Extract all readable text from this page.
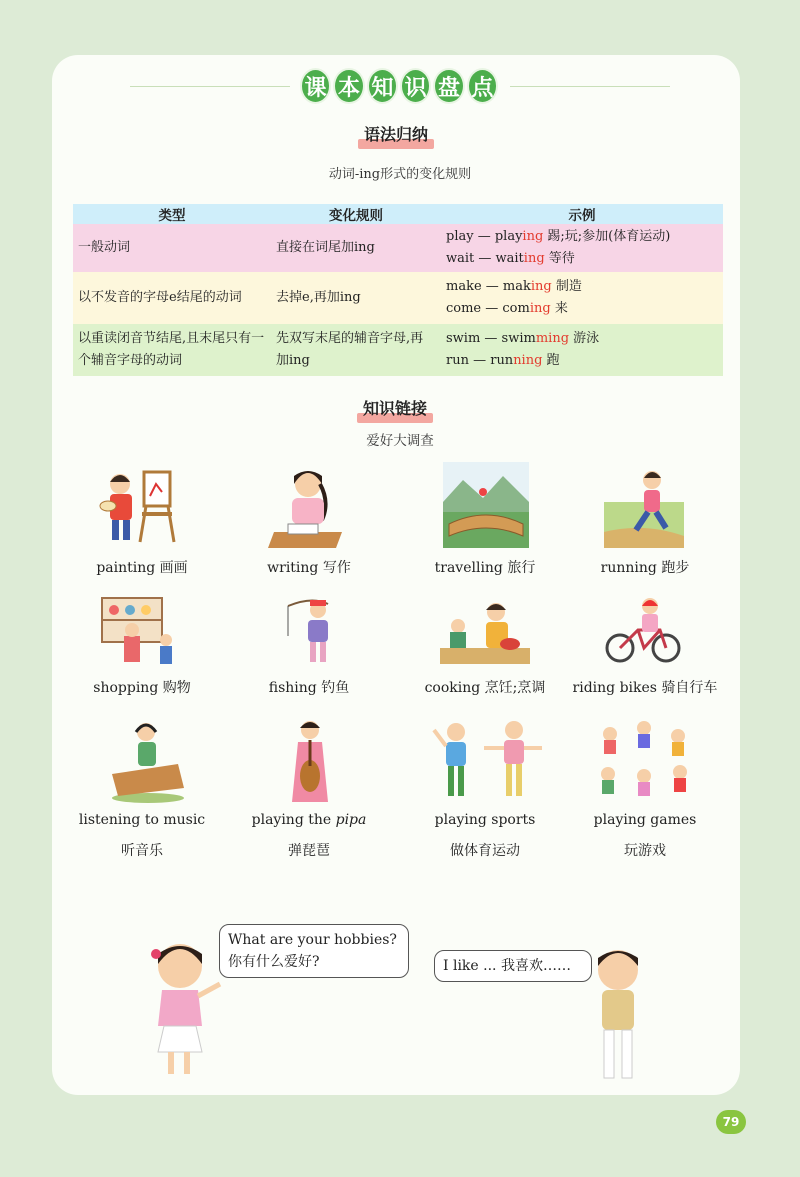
课 本 知 识 盘 点
语法归纳
动词-ing形式的变化规则
类型	变化规则	示例
一般动词	直接在词尾加ing	play — playing 踢;玩;参加(体育运动)
wait — waiting 等待

以不发音的字母e结尾的动词	去掉e,再加ing	make — making 制造
come — coming 来

以重读闭音节结尾,且末尾只有一个辅音字母的动词	先双写末尾的辅音字母,再加ing	swim — swimming 游泳
run — running 跑
知识链接
爱好大调查
painting 画画	writing 写作	travelling 旅行	running 跑步
shopping 购物	fishing 钓鱼	cooking 烹饪;烹调	riding bikes 骑自行车
listening to music
听音乐
playing the pipa
弹琵琶
playing sports
做体育运动
playing games
玩游戏
What are your hobbies?
你有什么爱好?	I like ... 我喜欢……
79
